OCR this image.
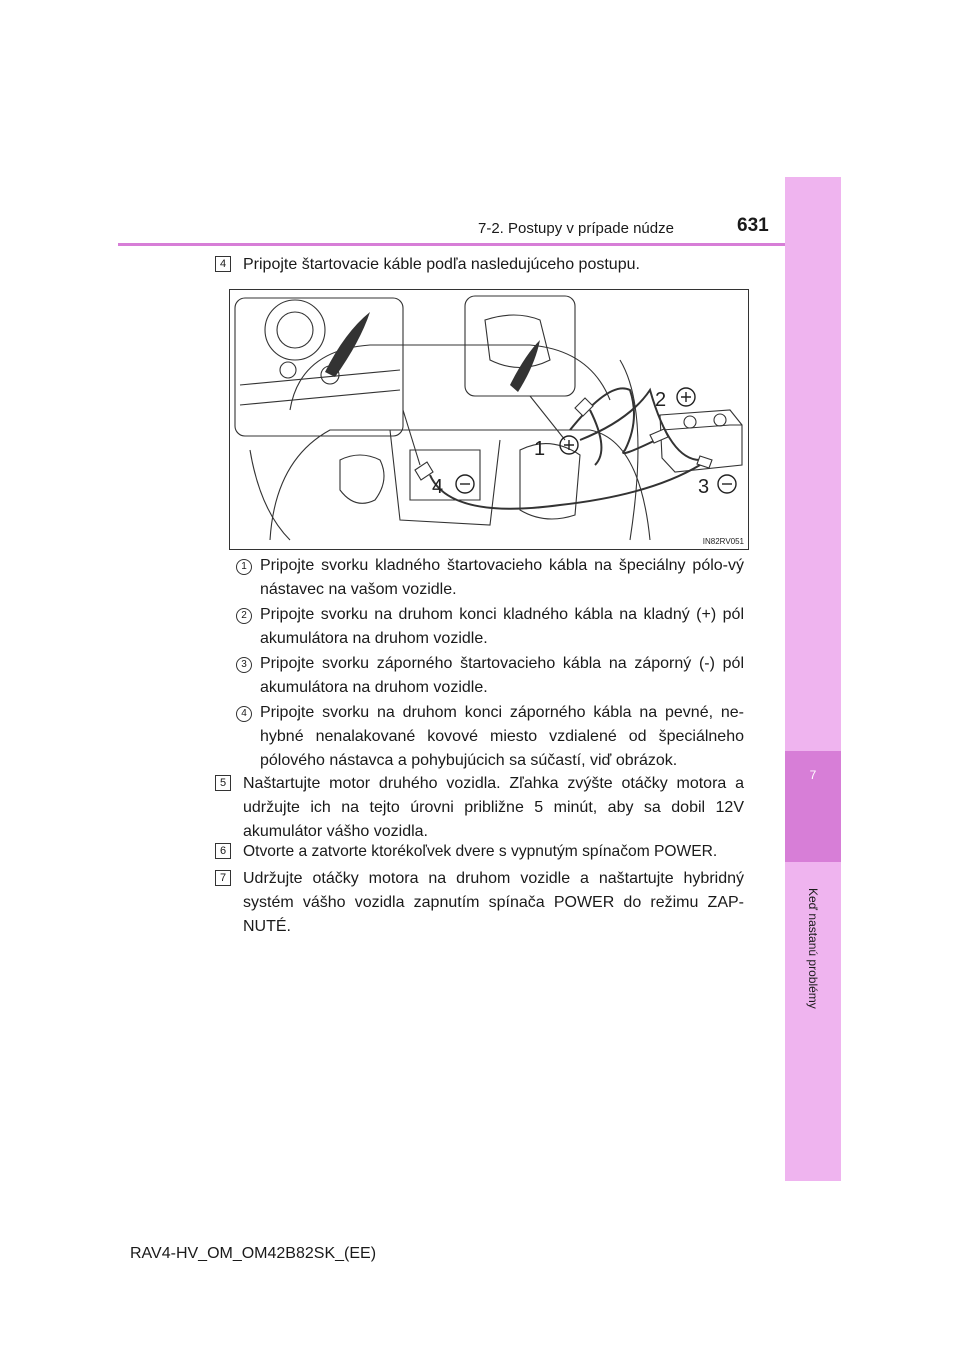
7
Keď nastanú problémy
7-2. Postupy v prípade núdze	631
4	Pripojte štartovacie káble podľa nasledujúceho postupu.
1
2
3
4
IN82RV051
1 Pripojte svorku kladného štartovacieho kábla na špeciálny pólo-vý nástavec na vašom vozidle.
2 Pripojte svorku na druhom konci kladného kábla na kladný (+) pól akumulátora na druhom vozidle.
3 Pripojte svorku záporného štartovacieho kábla na záporný (-) pól akumulátora na druhom vozidle.
4 Pripojte svorku na druhom konci záporného kábla na pevné, ne-hybné nenalakované kovové miesto vzdialené od špeciálneho pólového nástavca a pohybujúcich sa súčastí, viď obrázok.
5	Naštartujte motor druhého vozidla. Zľahka zvýšte otáčky motora a udržujte ich na tejto úrovni približne 5 minút, aby sa dobil 12V akumulátor vášho vozidla.
6	Otvorte a zatvorte ktorékoľvek dvere s vypnutým spínačom POWER.
7	Udržujte otáčky motora na druhom vozidle a naštartujte hybridný systém vášho vozidla zapnutím spínača POWER do režimu ZAP-NUTÉ.
RAV4-HV_OM_OM42B82SK_(EE)
